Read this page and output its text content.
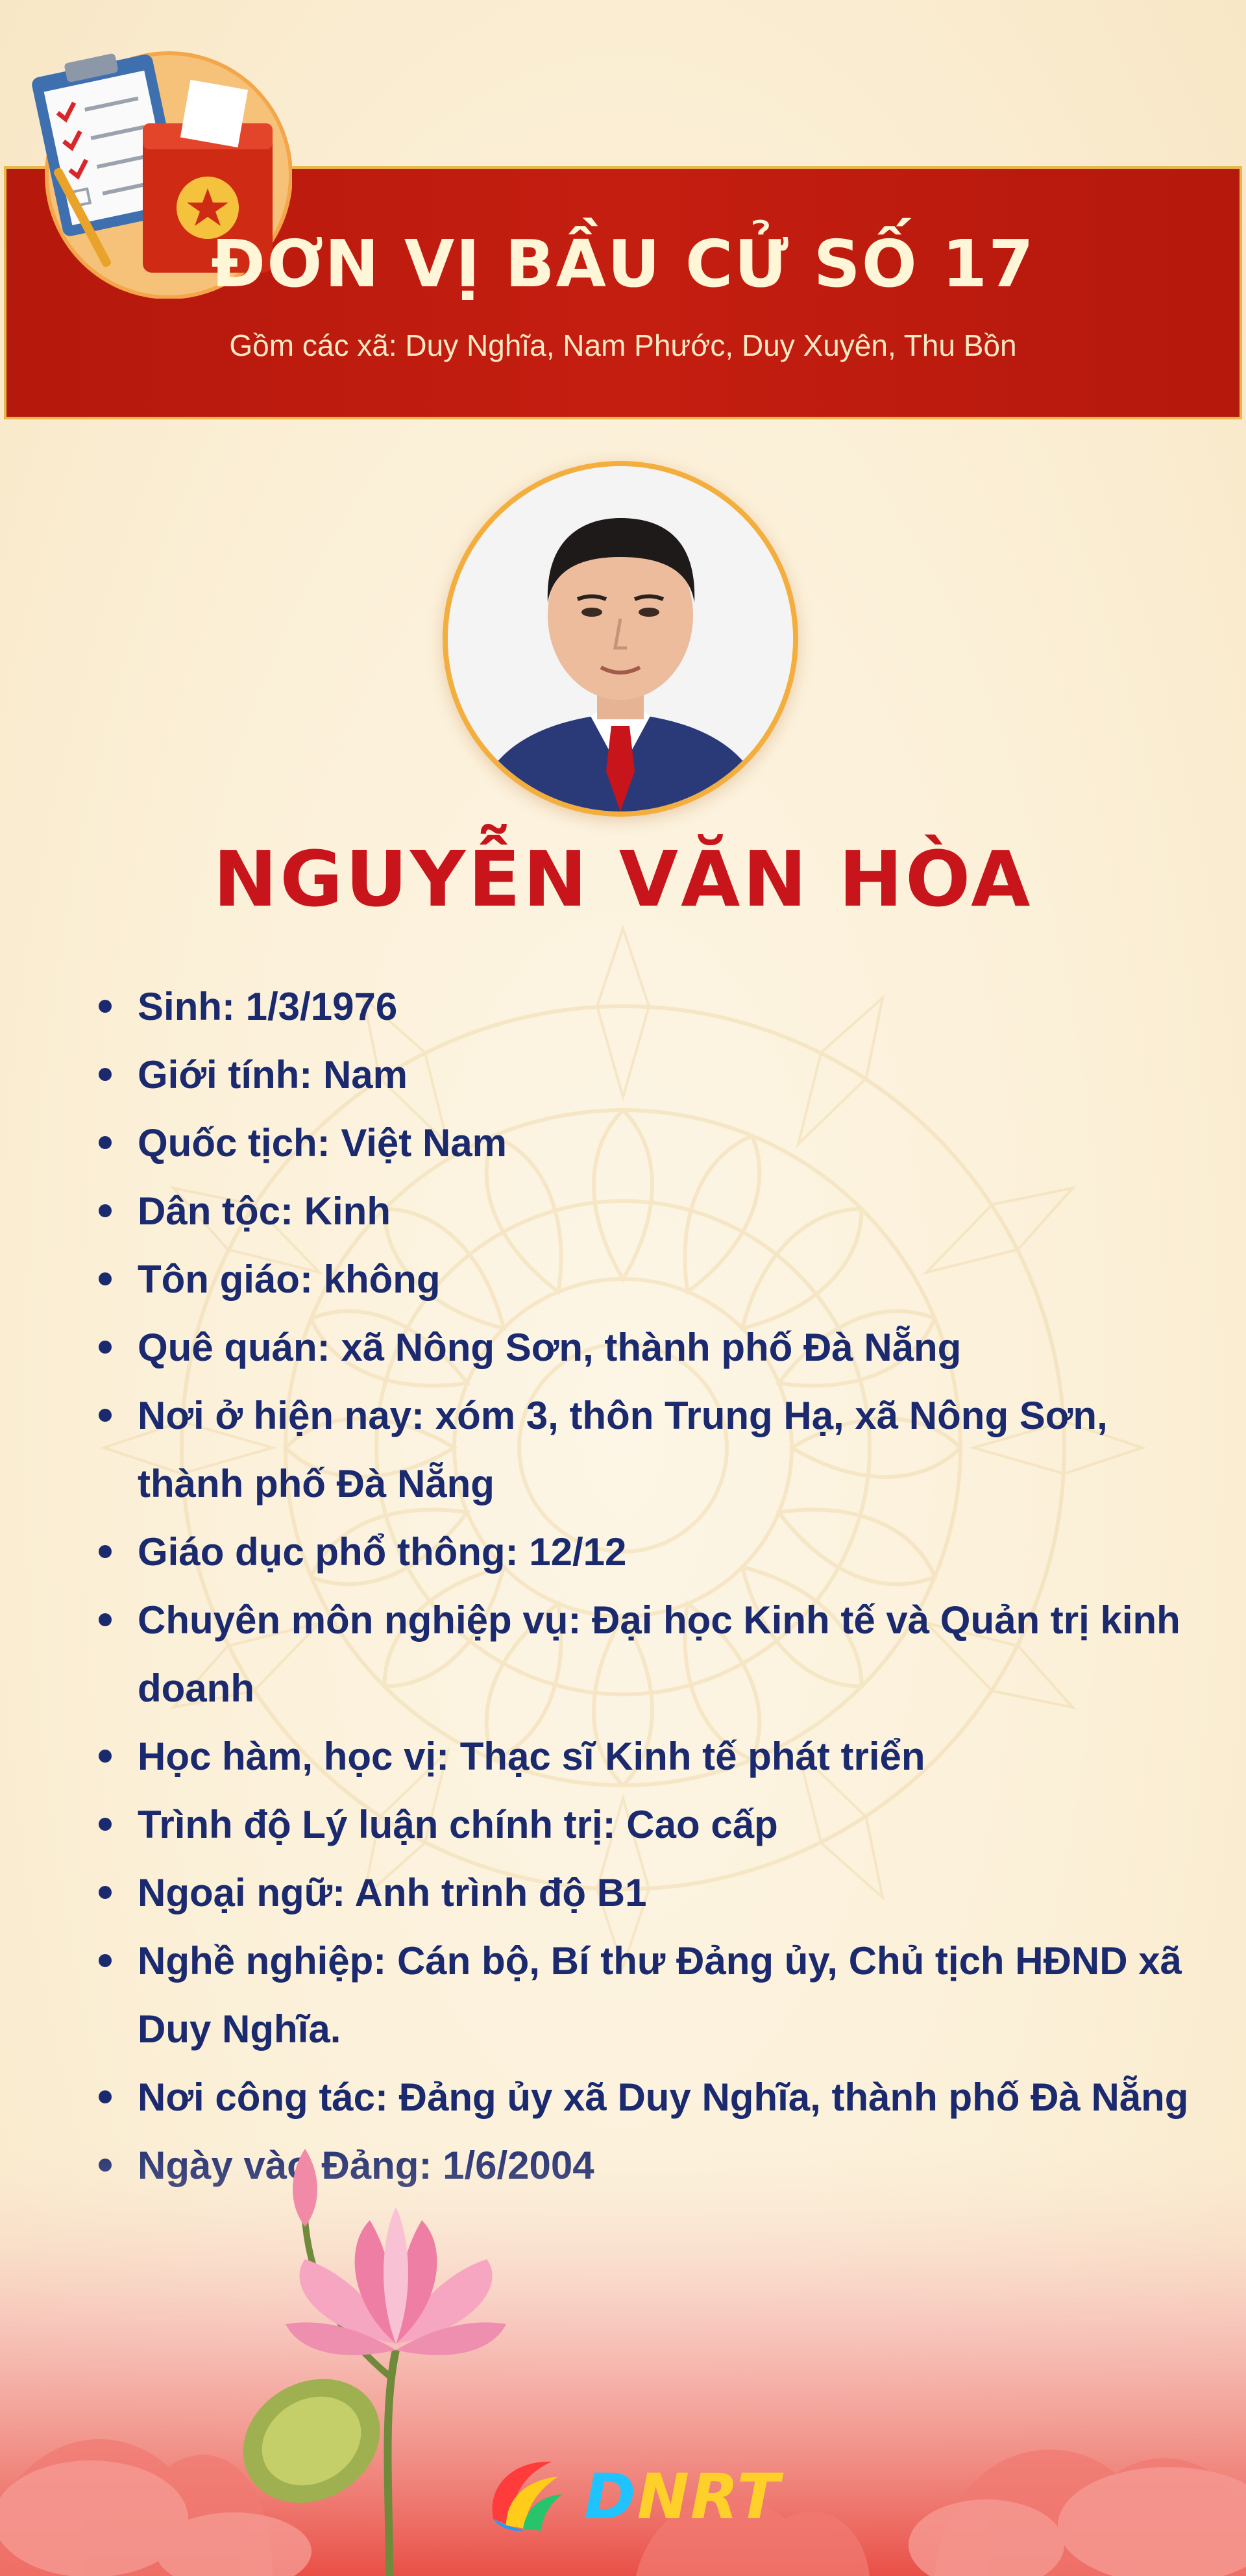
ĐƠN VỊ BẦU CỬ SỐ 17
Gồm các xã: Duy Nghĩa, Nam Phước, Duy Xuyên, Thu Bồn
NGUYỄN VĂN HÒA
Sinh: 1/3/1976
Giới tính: Nam
Quốc tịch: Việt Nam
Dân tộc: Kinh
Tôn giáo: không
Quê quán: xã Nông Sơn, thành phố Đà Nẵng
Nơi ở hiện nay: xóm 3, thôn Trung Hạ, xã Nông Sơn, thành phố Đà Nẵng
Giáo dục phổ thông: 12/12
Chuyên môn nghiệp vụ: Đại học Kinh tế và Quản trị kinh doanh
Học hàm, học vị: Thạc sĩ Kinh tế phát triển
Trình độ Lý luận chính trị: Cao cấp
Ngoại ngữ: Anh trình độ B1
Nghề nghiệp: Cán bộ, Bí thư Đảng ủy, Chủ tịch HĐND xã Duy Nghĩa.
Nơi công tác: Đảng ủy xã Duy Nghĩa, thành phố Đà Nẵng
DNRT
